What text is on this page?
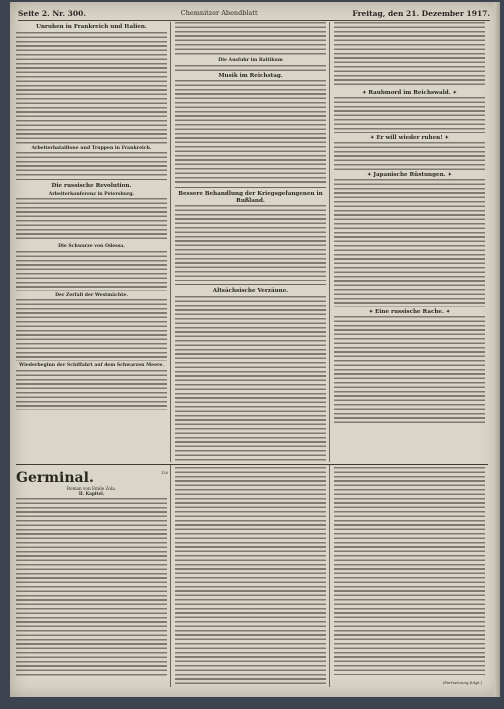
Seite 2. Nr. 300.	Chemnitzer Abendblatt	Freitag, den 21. Dezember 1917.
Unruhen in Frankreich und Italien.
Arbeiterbataillone und Truppen in Frankreich.
Die russische Revolution.
Arbeiterkonferenz in Petersburg.
Die Schwarze von Odessa.
Der Zerfall der Westmächte.
Wiederbeginn der Schiffahrt auf dem Schwarzen Meere.
Die Ausfuhr im Baltikum
Musik im Reichstag.
Bessere Behandlung der Kriegsgefangenen in Rußland.
Altsächsische Verzäune.
✦ Raubmord im Reichswald. ✦
✦ Er will wieder ruhen! ✦
✦ Japanische Rüstungen. ✦
✦ Eine russische Rache. ✦
Germinal.	130
Roman von Emile Zola.
II. Kapitel.
(Fortsetzung folgt.)
